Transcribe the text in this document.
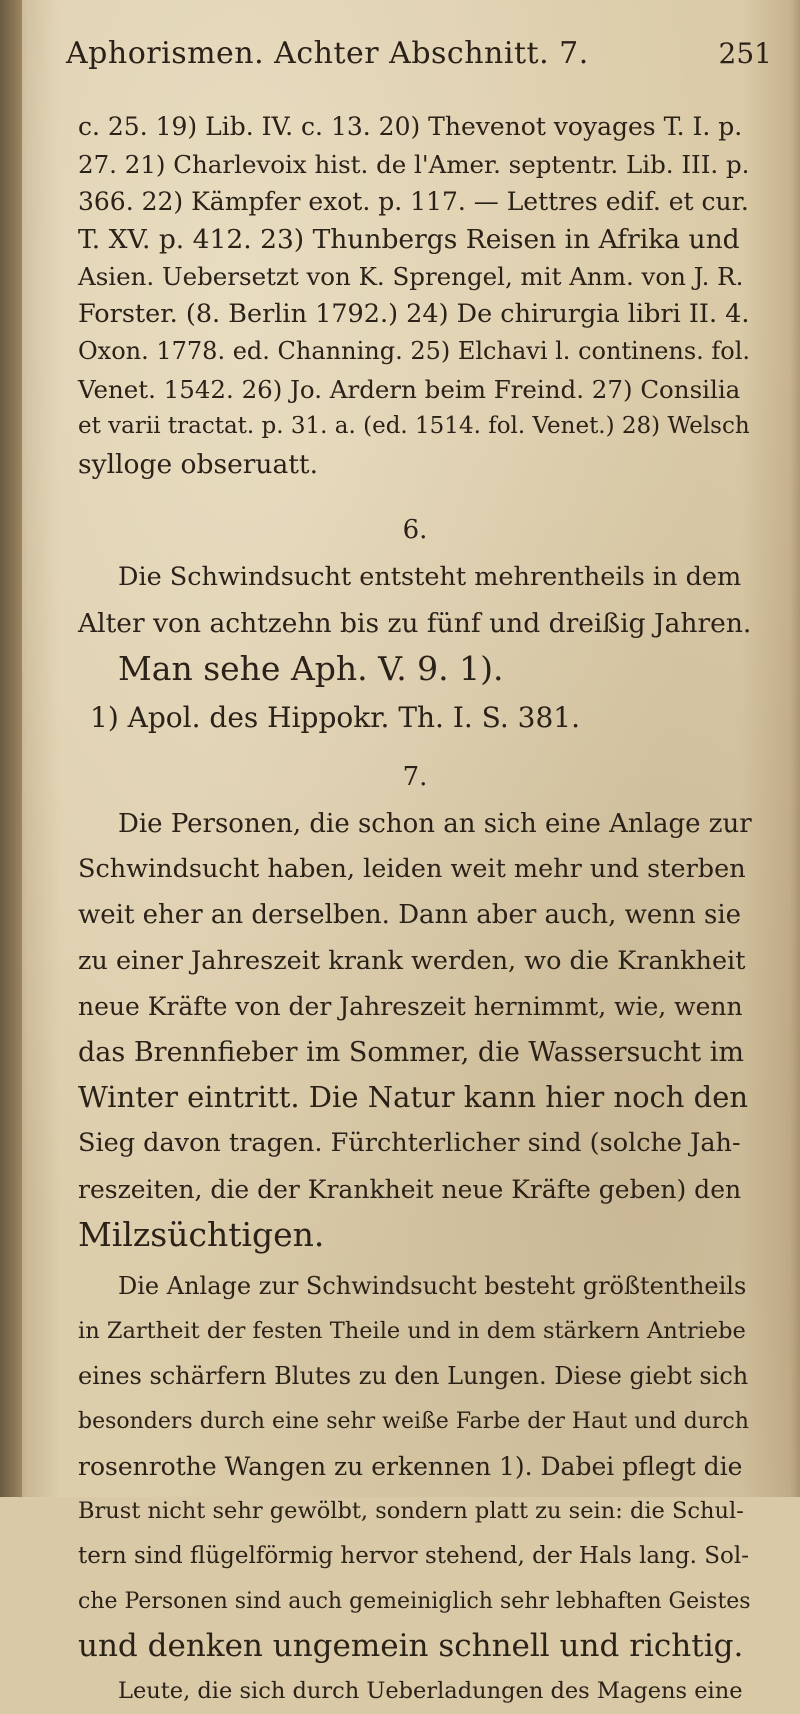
Aphorismen. Achter Abschnitt. 7.	251
c. 25. 19) Lib. IV. c. 13. 20) Thevenot voyages T. I. p.
27. 21) Charlevoix hist. de l'Amer. septentr. Lib. III. p.
366. 22) Kämpfer exot. p. 117. — Lettres edif. et cur.
T. XV. p. 412. 23) Thunbergs Reisen in Afrika und
Asien. Uebersetzt von K. Sprengel, mit Anm. von J. R.
Forster. (8. Berlin 1792.) 24) De chirurgia libri II. 4.
Oxon. 1778. ed. Channing. 25) Elchavi l. continens. fol.
Venet. 1542. 26) Jo. Ardern beim Freind. 27) Consilia
et varii tractat. p. 31. a. (ed. 1514. fol. Venet.) 28) Welsch
sylloge obseruatt.
6.
Die Schwindsucht entsteht mehrentheils in dem
Alter von achtzehn bis zu fünf und dreißig Jahren.
Man sehe Aph. V. 9. 1).
1) Apol. des Hippokr. Th. I. S. 381.
7.
Die Personen, die schon an sich eine Anlage zur
Schwindsucht haben, leiden weit mehr und sterben
weit eher an derselben. Dann aber auch, wenn sie
zu einer Jahreszeit krank werden, wo die Krankheit
neue Kräfte von der Jahreszeit hernimmt, wie, wenn
das Brennfieber im Sommer, die Wassersucht im
Winter eintritt. Die Natur kann hier noch den
Sieg davon tragen. Fürchterlicher sind (solche Jah-
reszeiten, die der Krankheit neue Kräfte geben) den
Milzsüchtigen.
Die Anlage zur Schwindsucht besteht größtentheils
in Zartheit der festen Theile und in dem stärkern Antriebe
eines schärfern Blutes zu den Lungen. Diese giebt sich
besonders durch eine sehr weiße Farbe der Haut und durch
rosenrothe Wangen zu erkennen 1). Dabei pflegt die
Brust nicht sehr gewölbt, sondern platt zu sein: die Schul-
tern sind flügelförmig hervor stehend, der Hals lang. Sol-
che Personen sind auch gemeiniglich sehr lebhaften Geistes
und denken ungemein schnell und richtig.
Leute, die sich durch Ueberladungen des Magens eine
